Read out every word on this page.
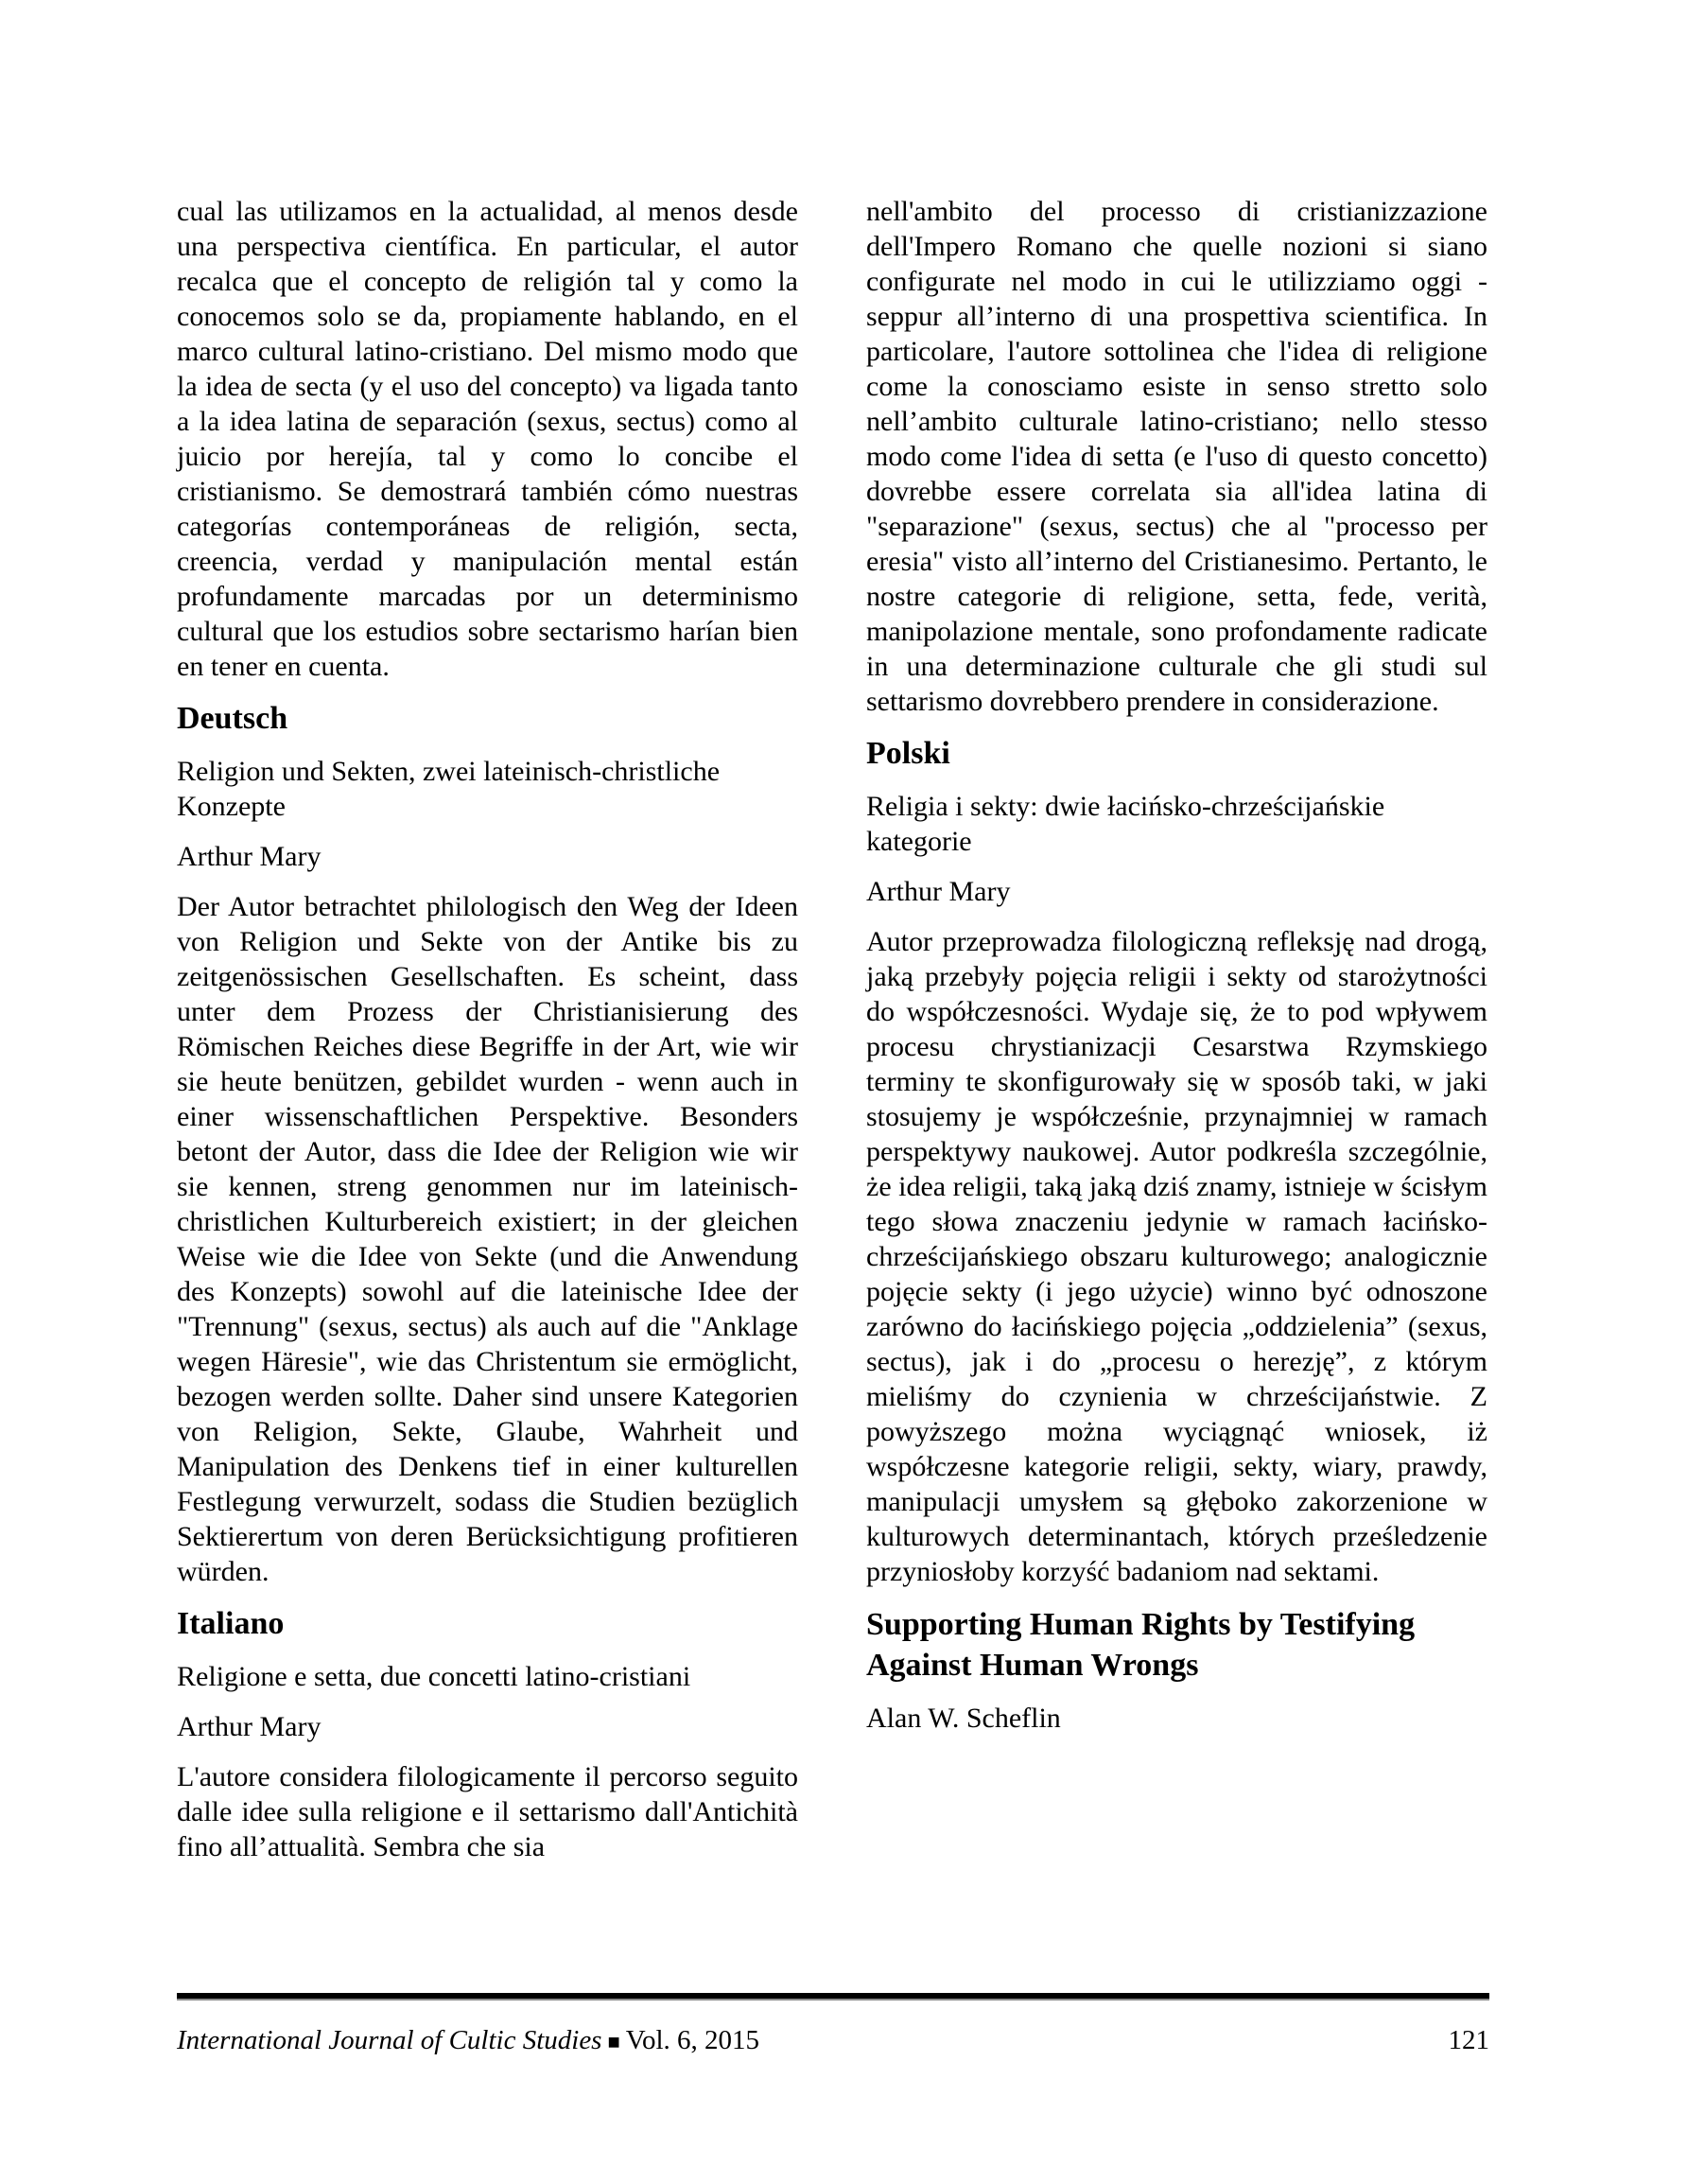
cual las utilizamos en la actualidad, al menos desde una perspectiva científica. En particular, el autor recalca que el concepto de religión tal y como la conocemos solo se da, propiamente hablando, en el marco cultural latino-cristiano. Del mismo modo que la idea de secta (y el uso del concepto) va ligada tanto a la idea latina de separación (sexus, sectus) como al juicio por herejía, tal y como lo concibe el cristianismo. Se demostrará también cómo nuestras categorías contemporáneas de religión, secta, creencia, verdad y manipulación mental están profundamente marcadas por un determinismo cultural que los estudios sobre sectarismo harían bien en tener en cuenta.

Deutsch

Religion und Sekten, zwei lateinisch-christliche Konzepte

Arthur Mary

Der Autor betrachtet philologisch den Weg der Ideen von Religion und Sekte von der Antike bis zu zeitgenössischen Gesellschaften. Es scheint, dass unter dem Prozess der Christianisierung des Römischen Reiches diese Begriffe in der Art, wie wir sie heute benützen, gebildet wurden - wenn auch in einer wissenschaftlichen Perspektive. Besonders betont der Autor, dass die Idee der Religion wie wir sie kennen, streng genommen nur im lateinisch-christlichen Kulturbereich existiert; in der gleichen Weise wie die Idee von Sekte (und die Anwendung des Konzepts) sowohl auf die lateinische Idee der "Trennung" (sexus, sectus) als auch auf die "Anklage wegen Häresie", wie das Christentum sie ermöglicht, bezogen werden sollte. Daher sind unsere Kategorien von Religion, Sekte, Glaube, Wahrheit und Manipulation des Denkens tief in einer kulturellen Festlegung verwurzelt, sodass die Studien bezüglich Sektierertum von deren Berücksichtigung profitieren würden.

Italiano

Religione e setta, due concetti latino-cristiani

Arthur Mary

L'autore considera filologicamente il percorso seguito dalle idee sulla religione e il settarismo dall'Antichità fino all’attualità. Sembra che sia

nell'ambito del processo di cristianizzazione dell'Impero Romano che quelle nozioni si siano configurate nel modo in cui le utilizziamo oggi - seppur all’interno di una prospettiva scientifica. In particolare, l'autore sottolinea che l'idea di religione come la conosciamo esiste in senso stretto solo nell’ambito culturale latino-cristiano; nello stesso modo come l'idea di setta (e l'uso di questo concetto) dovrebbe essere correlata sia all'idea latina di "separazione" (sexus, sectus) che al "processo per eresia" visto all’interno del Cristianesimo. Pertanto, le nostre categorie di religione, setta, fede, verità, manipolazione mentale, sono profondamente radicate in una determinazione culturale che gli studi sul settarismo dovrebbero prendere in considerazione.

Polski

Religia i sekty: dwie łacińsko-chrześcijańskie kategorie

Arthur Mary

Autor przeprowadza filologiczną refleksję nad drogą, jaką przebyły pojęcia religii i sekty od starożytności do współczesności. Wydaje się, że to pod wpływem procesu chrystianizacji Cesarstwa Rzymskiego terminy te skonfigurowały się w sposób taki, w jaki stosujemy je współcześnie, przynajmniej w ramach perspektywy naukowej. Autor podkreśla szczególnie, że idea religii, taką jaką dziś znamy, istnieje w ścisłym tego słowa znaczeniu jedynie w ramach łacińsko-chrześcijańskiego obszaru kulturowego; analogicznie pojęcie sekty (i jego użycie) winno być odnoszone zarówno do łacińskiego pojęcia „oddzielenia” (sexus, sectus), jak i do „procesu o herezję”, z którym mieliśmy do czynienia w chrześcijaństwie. Z powyższego można wyciągnąć wniosek, iż współczesne kategorie religii, sekty, wiary, prawdy, manipulacji umysłem są głęboko zakorzenione w kulturowych determinantach, których prześledzenie przyniosłoby korzyść badaniom nad sektami.

Supporting Human Rights by Testifying Against Human Wrongs

Alan W. Scheflin

International Journal of Cultic Studies ■ Vol. 6, 2015	121
